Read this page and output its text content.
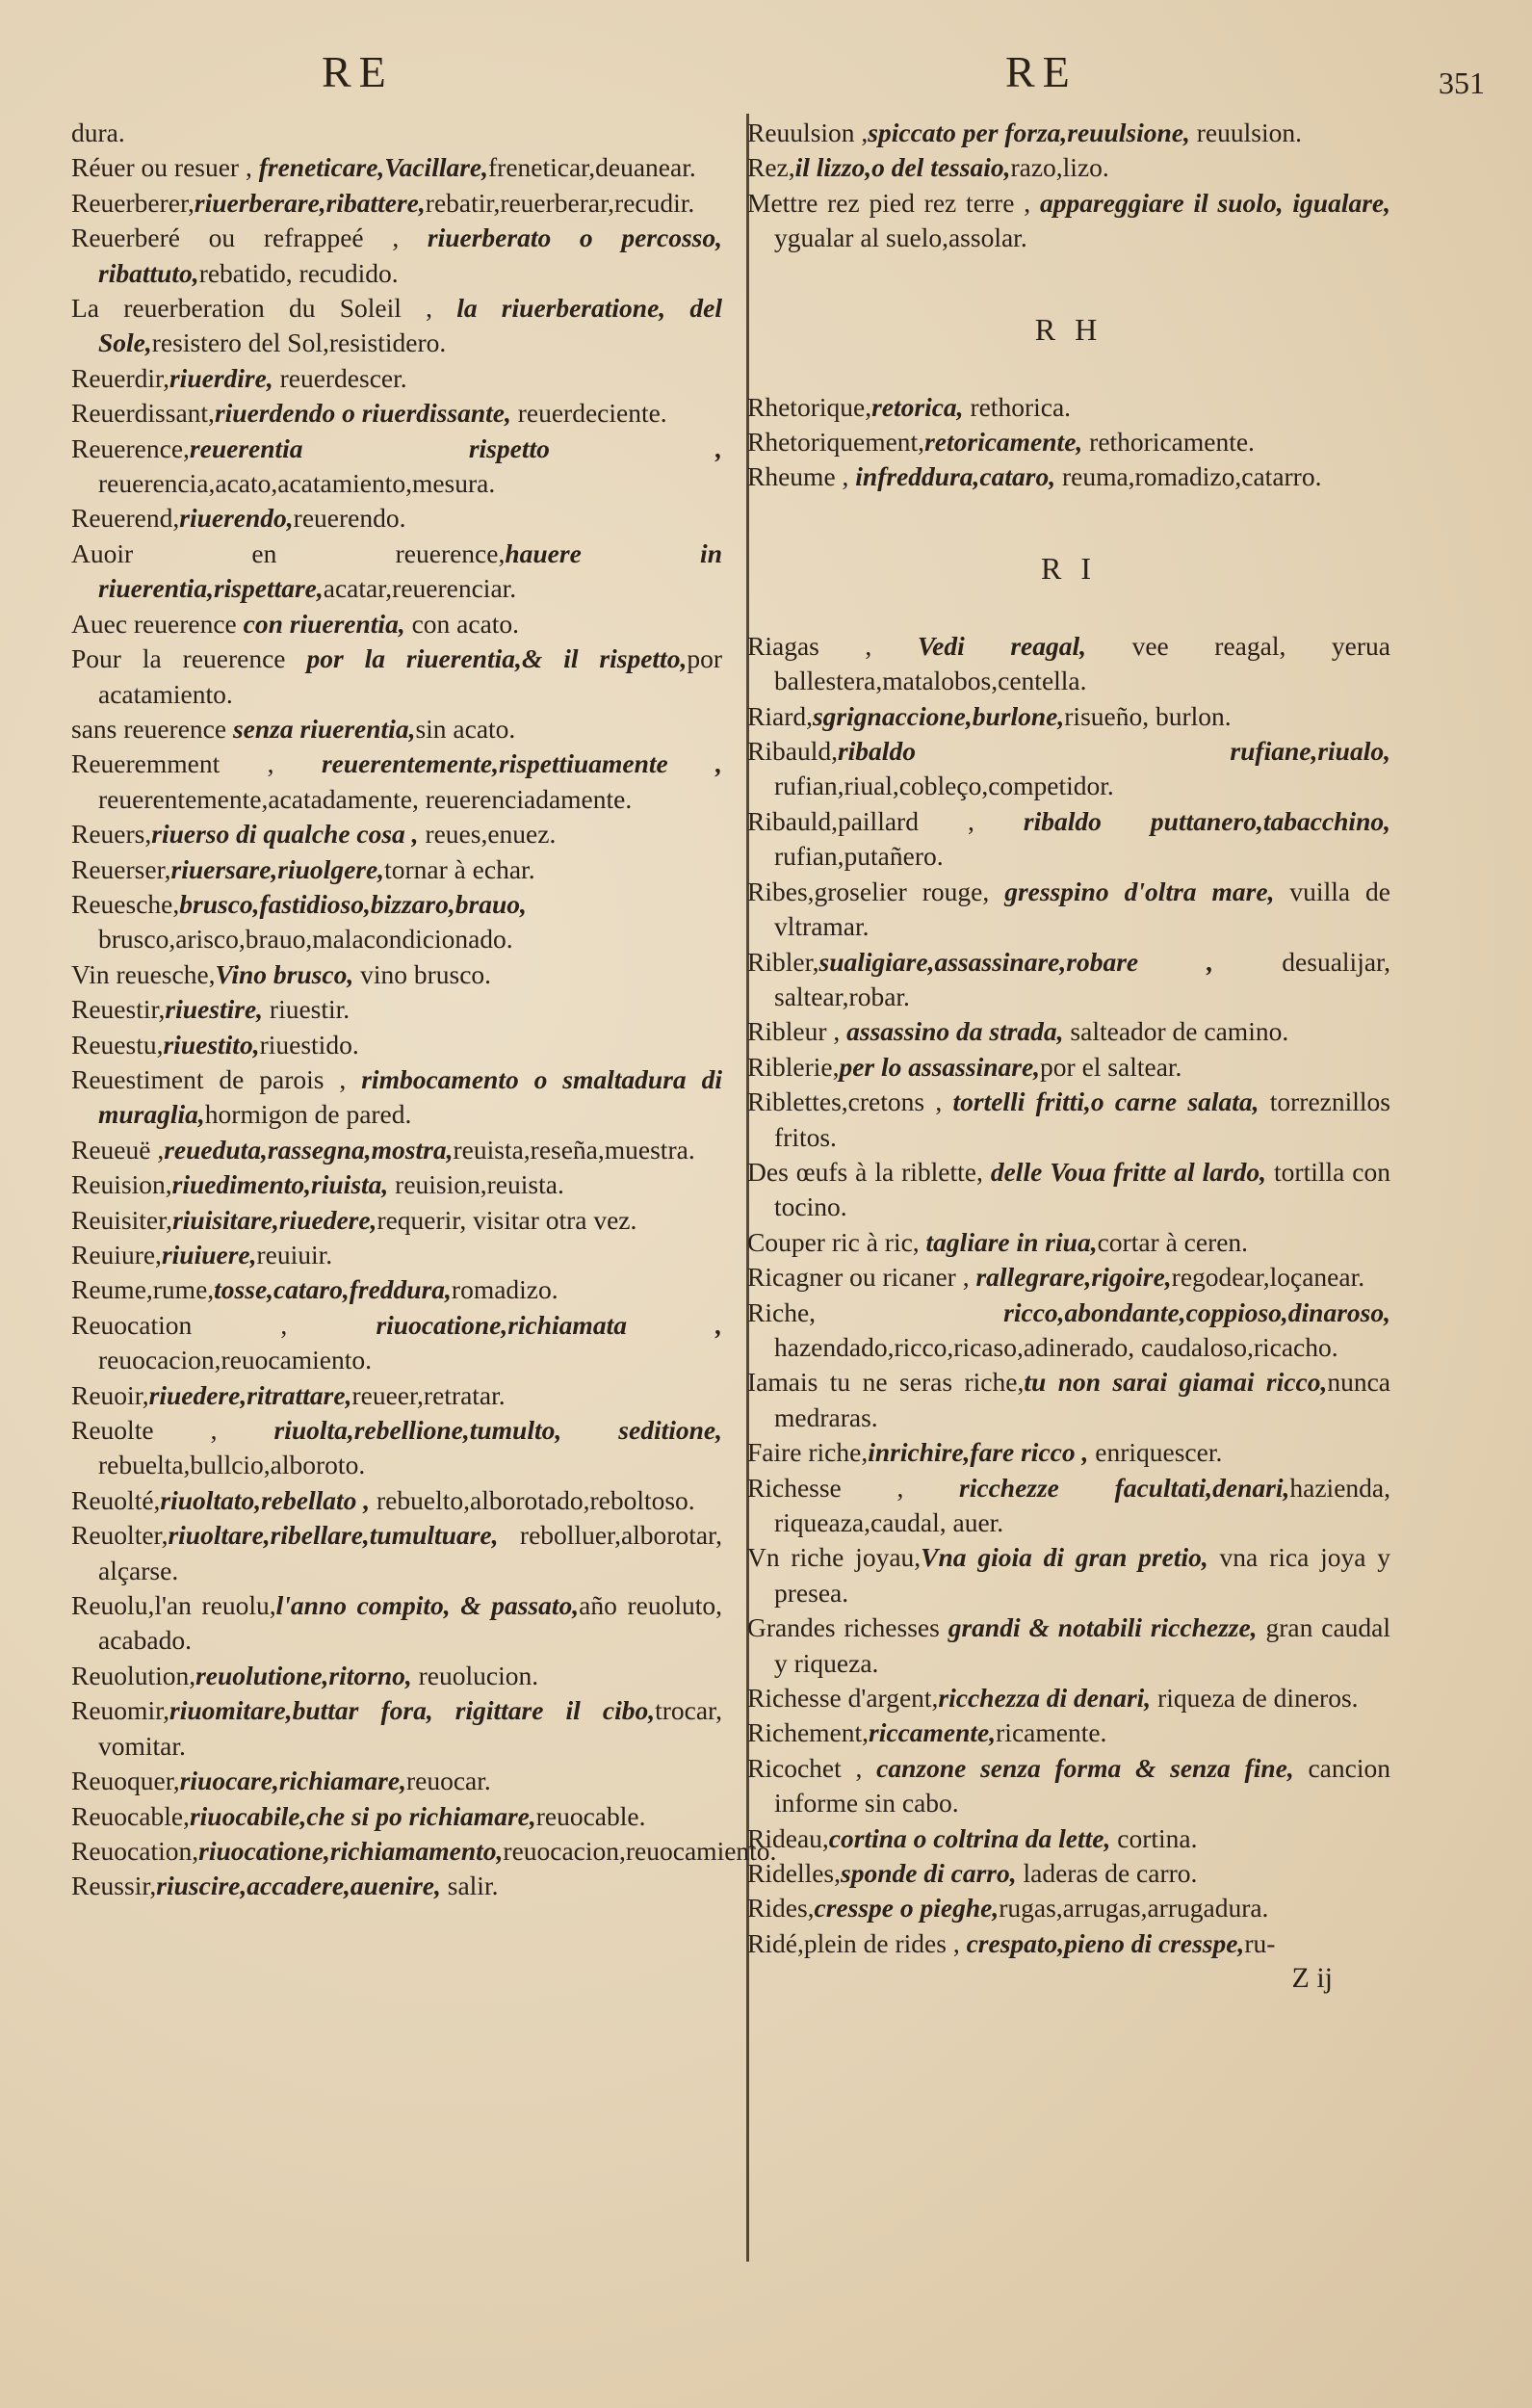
RE	RE	351
dura.
Réuer ou resuer , freneticare,Vacillare,freneticar,deuanear.
Reuerberer,riuerberare,ribattere,rebatir,reuerberar,recudir.
Reuerberé ou refrappeé , riuerberato o percosso, ribattuto,rebatido, recudido.
La reuerberation du Soleil , la riuerberatione, del Sole,resistero del Sol,resistidero.
Reuerdir,riuerdire, reuerdescer.
Reuerdissant,riuerdendo o riuerdissante, reuerdeciente.
Reuerence,reuerentia rispetto , reuerencia,acato,acatamiento,mesura.
Reuerend,riuerendo,reuerendo.
Auoir en reuerence,hauere in riuerentia,rispettare,acatar,reuerenciar.
Auec reuerence con riuerentia, con acato.
Pour la reuerence por la riuerentia,& il rispetto,por acatamiento.
sans reuerence senza riuerentia,sin acato.
Reueremment , reuerentemente,rispettiuamente , reuerentemente,acatadamente, reuerenciadamente.
Reuers,riuerso di qualche cosa , reues,enuez.
Reuerser,riuersare,riuolgere,tornar à echar.
Reuesche,brusco,fastidioso,bizzaro,brauo, brusco,arisco,brauo,malacondicionado.
Vin reuesche,Vino brusco, vino brusco.
Reuestir,riuestire, riuestir.
Reuestu,riuestito,riuestido.
Reuestiment de parois , rimbocamento o smaltadura di muraglia,hormigon de pared.
Reueuë ,reueduta,rassegna,mostra,reuista,reseña,muestra.
Reuision,riuedimento,riuista, reuision,reuista.
Reuisiter,riuisitare,riuedere,requerir, visitar otra vez.
Reuiure,riuiuere,reuiuir.
Reume,rume,tosse,cataro,freddura,romadizo.
Reuocation , riuocatione,richiamata , reuocacion,reuocamiento.
Reuoir,riuedere,ritrattare,reueer,retratar.
Reuolte , riuolta,rebellione,tumulto, seditione, rebuelta,bullcio,alboroto.
Reuolté,riuoltato,rebellato , rebuelto,alborotado,reboltoso.
Reuolter,riuoltare,ribellare,tumultuare, rebolluer,alborotar, alçarse.
Reuolu,l'an reuolu,l'anno compito, & passato,año reuoluto, acabado.
Reuolution,reuolutione,ritorno, reuolucion.
Reuomir,riuomitare,buttar fora, rigittare il cibo,trocar, vomitar.
Reuoquer,riuocare,richiamare,reuocar.
Reuocable,riuocabile,che si po richiamare,reuocable.
Reuocation,riuocatione,richiamamento,reuocacion,reuocamiento.
Reussir,riuscire,accadere,auenire, salir.
Reuulsion ,spiccato per forza,reuulsione, reuulsion.
Rez,il lizzo,o del tessaio,razo,lizo.
Mettre rez pied rez terre , appareggiare il suolo, igualare, ygualar al suelo,assolar.
R H
Rhetorique,retorica, rethorica.
Rhetoriquement,retoricamente, rethoricamente.
Rheume , infreddura,cataro, reuma,romadizo,catarro.
R I
Riagas , Vedi reagal, vee reagal, yerua ballestera,matalobos,centella.
Riard,sgrignaccione,burlone,risueño, burlon.
Ribauld,ribaldo rufiane,riualo, rufian,riual,cobleço,competidor.
Ribauld,paillard , ribaldo puttanero,tabacchino, rufian,putañero.
Ribes,groselier rouge, gresspino d'oltra mare, vuilla de vltramar.
Ribler,sualigiare,assassinare,robare , desualijar, saltear,robar.
Ribleur , assassino da strada, salteador de camino.
Riblerie,per lo assassinare,por el saltear.
Riblettes,cretons , tortelli fritti,o carne salata, torreznillos fritos.
Des œufs à la riblette, delle Voua fritte al lardo, tortilla con tocino.
Couper ric à ric, tagliare in riua,cortar à ceren.
Ricagner ou ricaner , rallegrare,rigoire,regodear,loçanear.
Riche, ricco,abondante,coppioso,dinaroso, hazendado,ricco,ricaso,adinerado, caudaloso,ricacho.
Iamais tu ne seras riche,tu non sarai giamai ricco,nunca medraras.
Faire riche,inrichire,fare ricco , enriquescer.
Richesse , ricchezze facultati,denari,hazienda, riqueaza,caudal, auer.
Vn riche joyau,Vna gioia di gran pretio, vna rica joya y presea.
Grandes richesses grandi & notabili ricchezze, gran caudal y riqueza.
Richesse d'argent,ricchezza di denari, riqueza de dineros.
Richement,riccamente,ricamente.
Ricochet , canzone senza forma & senza fine, cancion informe sin cabo.
Rideau,cortina o coltrina da lette, cortina.
Ridelles,sponde di carro, laderas de carro.
Rides,cresspe o pieghe,rugas,arrugas,arrugadura.
Ridé,plein de rides , crespato,pieno di cresspe,ru-
Z ij
